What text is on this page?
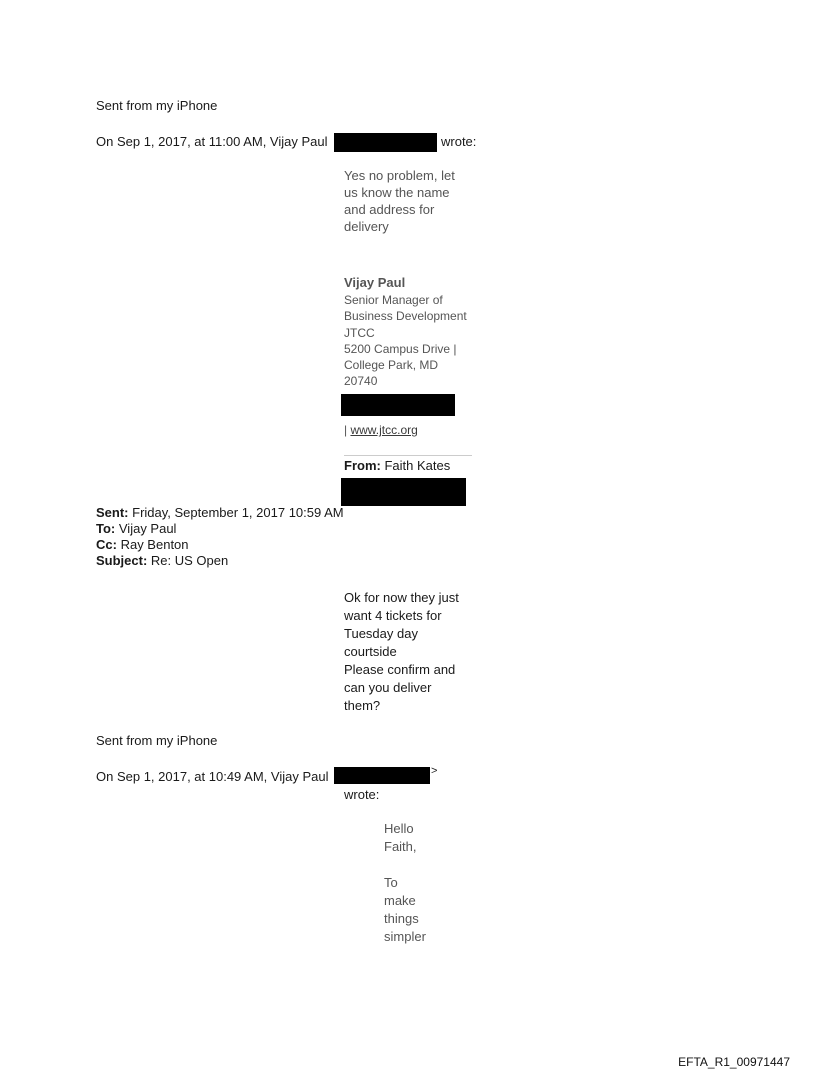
Sent from my iPhone
On Sep 1, 2017, at 11:00 AM, Vijay Paul	wrote:
Yes no problem, let
us know the name
and address for
delivery
Vijay Paul
Senior Manager of
Business Development
JTCC
5200 Campus Drive |
College Park, MD
20740
| www.jtcc.org
From: Faith Kates
Sent: Friday, September 1, 2017 10:59 AM
To: Vijay Paul
Cc: Ray Benton
Subject: Re: US Open
Ok for now they just
want 4 tickets for
Tuesday day
courtside
Please confirm and
can you deliver
them?
Sent from my iPhone
On Sep 1, 2017, at 10:49 AM, Vijay Paul	>
wrote:
Hello
Faith,
To
make
things
simpler
EFTA_R1_00971447
